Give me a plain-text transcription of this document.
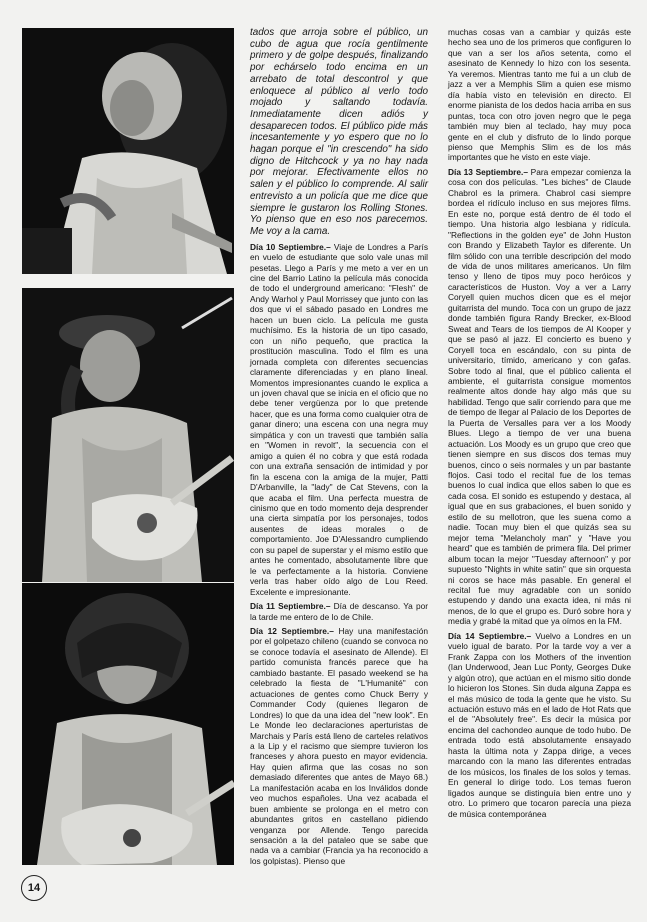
tados que arroja sobre el público, un cubo de agua que rocía gentilmente primero y de golpe después, finalizando por echárselo todo encima en un arrebato de total descontrol y que enloquece al público al verlo todo mojado y saltando todavía. Inmediatamente dicen adiós y desaparecen todos. El público pide más incesantemente y yo espero que no lo hagan porque el "in crescendo" ha sido digno de Hitchcock y ya no hay nada por mejorar. Efectivamente ellos no salen y el público lo comprende. Al salir entrevisto a un policía que me dice que siempre le gustaron los Rolling Stones. Yo pienso que en eso nos parecemos. Me voy a la cama.

Día 10 Septiembre.– Viaje de Londres a París en vuelo de estudiante que solo vale unas mil pesetas. Llego a París y me meto a ver en un cine del Barrio Latino la película más conocida de todo el underground americano: "Flesh" de Andy Warhol y Paul Morrissey que junto con las dos que vi el sábado pasado en Londres me hacen un buen ciclo. La película me gusta muchísimo. Es la historia de un tipo casado, con un niño pequeño, que practica la prostitución masculina. Todo el film es una jornada completa con diferentes secuencias claramente diferenciadas y en plano lineal. Momentos impresionantes cuando le explica a un joven chaval que se inicia en el oficio que no debe tener vergüenza por lo que pretende hacer, que es una forma como cualquier otra de ganar dinero; una escena con una negra muy simpática y con un travesti que también salía en "Women in revolt", la secuencia con el amigo a quien él no cobra y que está rodada con una extraña sensación de intimidad y por fin la escena con la amiga de la mujer, Patti D'Arbanville, la "lady" de Cat Stevens, con la que acaba el film. Una perfecta muestra de cinismo que en todo momento deja desprender una cierta simpatía por los personajes, todos ausentes de ideas morales o de comportamiento. Joe D'Alessandro cumpliendo con su papel de superstar y el mismo estilo que antes he comentado, absolutamente libre que le va perfectamente a la historia. Conviene verla tras haber oído algo de Lou Reed. Excelente e impresionante.

Día 11 Septiembre.– Día de descanso. Ya por la tarde me entero de lo de Chile.

Día 12 Septiembre.– Hay una manifestación por el golpetazo chileno (cuando se convoca no se conoce todavía el asesinato de Allende). El partido comunista francés parece que ha cambiado bastante. El pasado weekend se ha celebrado la fiesta de "L'Humanité" con actuaciones de gentes como Chuck Berry y Commander Cody (quienes llegaron de Londres) lo que da una idea del "new look". En Le Monde leo declaraciones aperturistas de Marchais y París está lleno de carteles relativos a la Lip y el racismo que siempre tuvieron los franceses y ahora puesto en mayor evidencia. Hay quien afirma que las cosas no son demasiado diferentes que antes de Mayo 68.) La manifestación acaba en los Inválidos donde veo muchos españoles. Una vez acabada el buen ambiente se prolonga en el metro con abundantes gritos en castellano pidiendo venganza por Allende. Tengo parecida sensación a la del pataleo que se sabe que nada va a cambiar (Francia ya ha reconocido a los golpistas). Pienso que

muchas cosas van a cambiar y quizás este hecho sea uno de los primeros que configuren lo que van a ser los años setenta, como el asesinato de Kennedy lo hizo con los sesenta. Ya veremos. Mientras tanto me fui a un club de jazz a ver a Memphis Slim a quien ese mismo día había visto en televisión en directo. El enorme pianista de los dedos hacia arriba en sus puntas, toca con otro joven negro que le pega también muy bien al teclado, hay muy poca gente en el club y disfruto de lo lindo porque pienso que Memphis Slim es de los más importantes que he visto en este viaje.

Día 13 Septiembre.– Para empezar comienza la cosa con dos películas. "Les biches" de Claude Chabrol es la primera. Chabrol casi siempre bordea el ridículo incluso en sus mejores films. En este no, porque está dentro de él todo el tiempo. Una historia algo lesbiana y ridícula. "Reflections in the golden eye" de John Huston con Brando y Elizabeth Taylor es diferente. Un film sólido con una terrible descripción del modo de vida de unos militares americanos. Un film tenso y lleno de tipos muy poco heróicos y característicos de Huston. Voy a ver a Larry Coryell quien muchos dicen que es el mejor guitarrista del mundo. Toca con un grupo de jazz donde también figura Randy Brecker, ex-Blood Sweat and Tears de los tiempos de Al Kooper y que se pasó al jazz. El concierto es bueno y Coryell toca en escándalo, con su pinta de universitario, tímido, americano y con gafas. Sobre todo al final, que el público calienta el ambiente, el guitarrista consigue momentos realmente altos donde hay algo más que su habilidad. Tengo que salir corriendo para que me de tiempo de llegar al Palacio de los Deportes de la Puerta de Versalles para ver a los Moody Blues. Llego a tiempo de ver una buena actuación. Los Moody es un grupo que creo que tienen siempre en sus discos dos temas muy buenos, cinco o seis normales y un par bastante flojos. Casi todo el recital fue de los temas buenos lo cual indica que ellos saben lo que es cada cosa. El sonido es estupendo y destaca, al igual que en sus grabaciones, el buen sonido y estilo de su mellotron, que les suena como a nadie. Tocan muy bien el que quizás sea su mejor tema "Melancholy man" y "Have you heard" que es también de primera fila. Del primer album tocan la mejor "Tuesday afternoon" y por supuesto "Nights in white satin" que sin orquesta ni coros se hace más pasable. En general el recital fue muy agradable con un sonido estupendo y dando una exacta idea, ni más ni menos, de lo que el grupo es. Duró sobre hora y media y grabé la mitad que ya oímos en la FM.

Día 14 Septiembre.– Vuelvo a Londres en un vuelo igual de barato. Por la tarde voy a ver a Frank Zappa con los Mothers of the invention (Ian Underwood, Jean Luc Ponty, Georges Duke y algún otro), que actúan en el mismo sitio donde lo hicieron los Stones. Sin duda alguna Zappa es el más músico de toda la gente que he visto. Su actuación estuvo más en el lado de Hot Rats que el de "Absolutely free". Es decir la música por encima del cachondeo aunque de todo hubo. De entrada todo está absolutamente ensayado hasta la última nota y Zappa dirige, a veces marcando con la mano las diferentes entradas de los músicos, los finales de los solos y temas. En general lo dirige todo. Los temas fueron ligados aunque se distinguía bien entre uno y otro. Lo primero que tocaron parecía una pieza de música contemporánea

14
